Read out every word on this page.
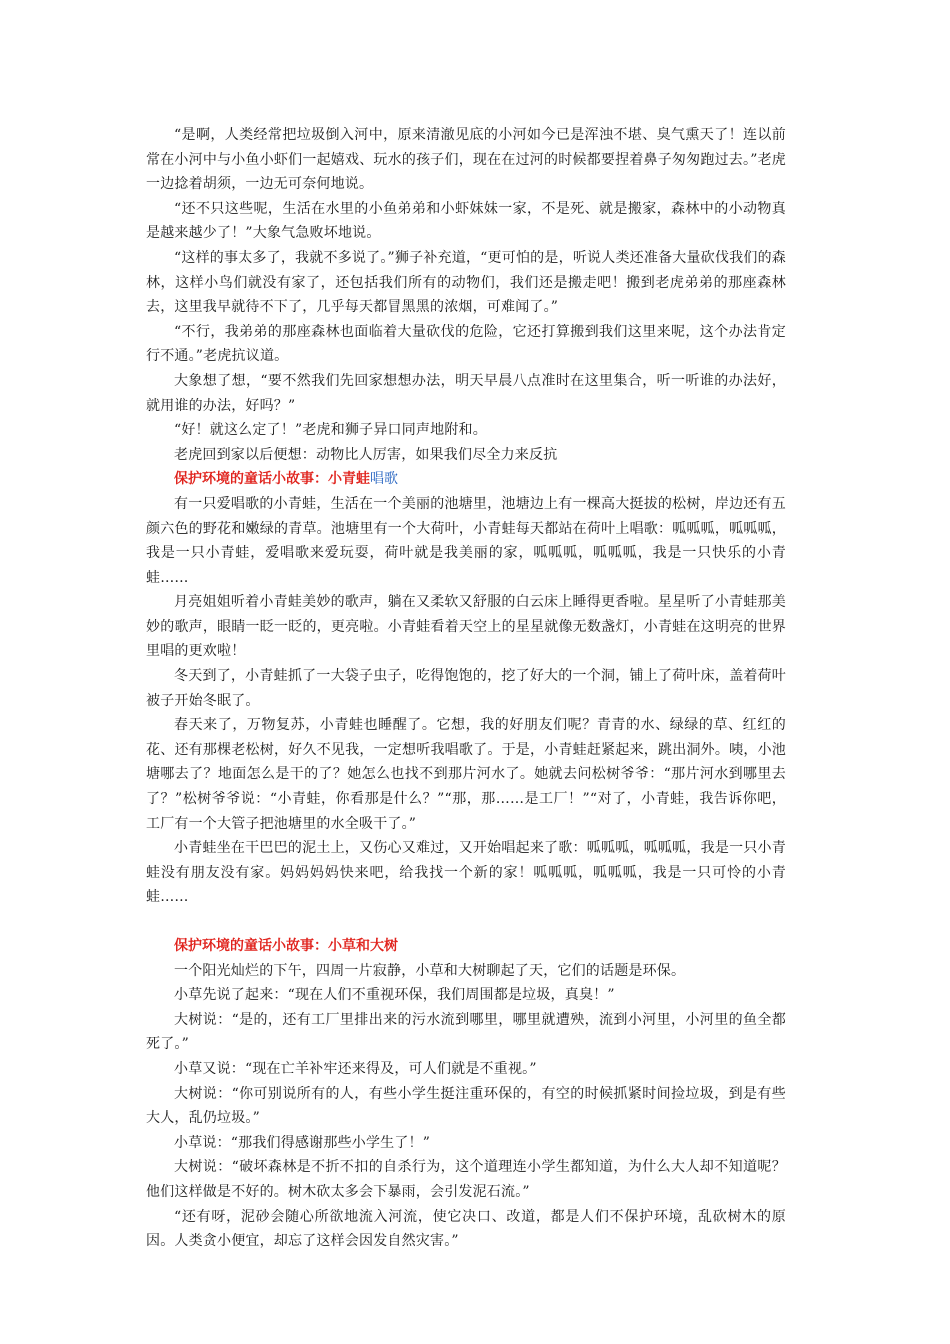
“是啊，人类经常把垃圾倒入河中，原来清澈见底的小河如今已是浑浊不堪、臭气熏天了！连以前常在小河中与小鱼小虾们一起嬉戏、玩水的孩子们，现在在过河的时候都要捏着鼻子匆匆跑过去。”老虎一边捻着胡须，一边无可奈何地说。

“还不只这些呢，生活在水里的小鱼弟弟和小虾妹妹一家，不是死、就是搬家，森林中的小动物真是越来越少了！”大象气急败坏地说。

“这样的事太多了，我就不多说了。”狮子补充道，“更可怕的是，听说人类还准备大量砍伐我们的森林，这样小鸟们就没有家了，还包括我们所有的动物们，我们还是搬走吧！搬到老虎弟弟的那座森林去，这里我早就待不下了，几乎每天都冒黑黑的浓烟，可难闻了。”

“不行，我弟弟的那座森林也面临着大量砍伐的危险，它还打算搬到我们这里来呢，这个办法肯定行不通。”老虎抗议道。

大象想了想，“要不然我们先回家想想办法，明天早晨八点准时在这里集合，听一听谁的办法好，就用谁的办法，好吗？”

“好！就这么定了！”老虎和狮子异口同声地附和。

老虎回到家以后便想：动物比人厉害，如果我们尽全力来反抗

保护环境的童话小故事：小青蛙唱歌

有一只爱唱歌的小青蛙，生活在一个美丽的池塘里，池塘边上有一棵高大挺拔的松树，岸边还有五颜六色的野花和嫩绿的青草。池塘里有一个大荷叶，小青蛙每天都站在荷叶上唱歌：呱呱呱，呱呱呱，我是一只小青蛙，爱唱歌来爱玩耍，荷叶就是我美丽的家，呱呱呱，呱呱呱，我是一只快乐的小青蛙……

月亮姐姐听着小青蛙美妙的歌声，躺在又柔软又舒服的白云床上睡得更香啦。星星听了小青蛙那美妙的歌声，眼睛一眨一眨的，更亮啦。小青蛙看着天空上的星星就像无数盏灯，小青蛙在这明亮的世界里唱的更欢啦！

冬天到了，小青蛙抓了一大袋子虫子，吃得饱饱的，挖了好大的一个洞，铺上了荷叶床，盖着荷叶被子开始冬眠了。

春天来了，万物复苏，小青蛙也睡醒了。它想，我的好朋友们呢？青青的水、绿绿的草、红红的花、还有那棵老松树，好久不见我，一定想听我唱歌了。于是，小青蛙赶紧起来，跳出洞外。咦，小池塘哪去了？地面怎么是干的了？她怎么也找不到那片河水了。她就去问松树爷爷：“那片河水到哪里去了？”松树爷爷说：“小青蛙，你看那是什么？”“那，那……是工厂！”“对了，小青蛙，我告诉你吧，工厂有一个大管子把池塘里的水全吸干了。”

小青蛙坐在干巴巴的泥土上，又伤心又难过，又开始唱起来了歌：呱呱呱，呱呱呱，我是一只小青蛙没有朋友没有家。妈妈妈妈快来吧，给我找一个新的家！呱呱呱，呱呱呱，我是一只可怜的小青蛙……

保护环境的童话小故事：小草和大树

一个阳光灿烂的下午，四周一片寂静，小草和大树聊起了天，它们的话题是环保。

小草先说了起来：“现在人们不重视环保，我们周围都是垃圾，真臭！”

大树说：“是的，还有工厂里排出来的污水流到哪里，哪里就遭殃，流到小河里，小河里的鱼全都死了。”

小草又说：“现在亡羊补牢还来得及，可人们就是不重视。”

大树说：“你可别说所有的人，有些小学生挺注重环保的，有空的时候抓紧时间捡垃圾，到是有些大人，乱仍垃圾。”

小草说：“那我们得感谢那些小学生了！”

大树说：“破坏森林是不折不扣的自杀行为，这个道理连小学生都知道，为什么大人却不知道呢？他们这样做是不好的。树木砍太多会下暴雨，会引发泥石流。”

“还有呀，泥砂会随心所欲地流入河流，使它决口、改道，都是人们不保护环境，乱砍树木的原因。人类贪小便宜，却忘了这样会因发自然灾害。”
